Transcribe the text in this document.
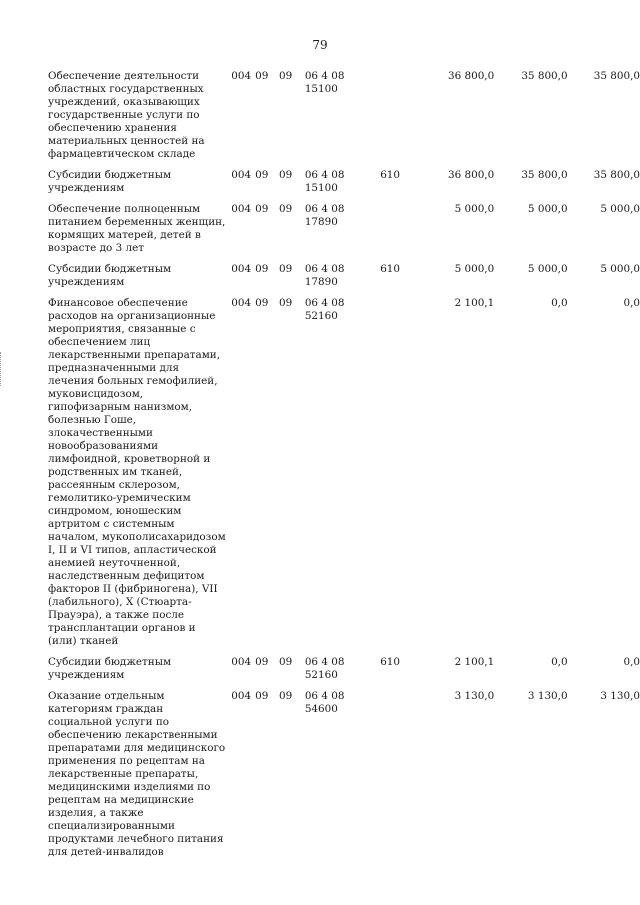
79
Обеспечение деятельности областных государственных учреждений, оказывающих государственные услуги по обеспечению хранения материальных ценностей на фармацевтическом складе	004	09	09	06 4 08 15100		36 800,0	35 800,0	35 800,0
Субсидии бюджетным учреждениям	004	09	09	06 4 08 15100	610	36 800,0	35 800,0	35 800,0
Обеспечение полноценным питанием беременных женщин, кормящих матерей, детей в возрасте до 3 лет	004	09	09	06 4 08 17890		5 000,0	5 000,0	5 000,0
Субсидии бюджетным учреждениям	004	09	09	06 4 08 17890	610	5 000,0	5 000,0	5 000,0
Финансовое обеспечение расходов на организационные мероприятия, связанные с обеспечением лиц лекарственными препаратами, предназначенными для лечения больных гемофилией, муковисцидозом, гипофизарным нанизмом, болезнью Гоше, злокачественными новообразованиями лимфоидной, кроветворной и родственных им тканей, рассеянным склерозом, гемолитико-уремическим синдромом, юношеским артритом с системным началом, мукополисахаридозом I, II и VI типов, апластической анемией неуточненной, наследственным дефицитом факторов II (фибриногена), VII (лабильного), X (Стюарта-Прауэра), а также после трансплантации органов и (или) тканей	004	09	09	06 4 08 52160		2 100,1	0,0	0,0
Субсидии бюджетным учреждениям	004	09	09	06 4 08 52160	610	2 100,1	0,0	0,0
Оказание отдельным категориям граждан социальной услуги по обеспечению лекарственными препаратами для медицинского применения по рецептам на лекарственные препараты, медицинскими изделиями по рецептам на медицинские изделия, а также специализированными продуктами лечебного питания для детей-инвалидов	004	09	09	06 4 08 54600		3 130,0	3 130,0	3 130,0
